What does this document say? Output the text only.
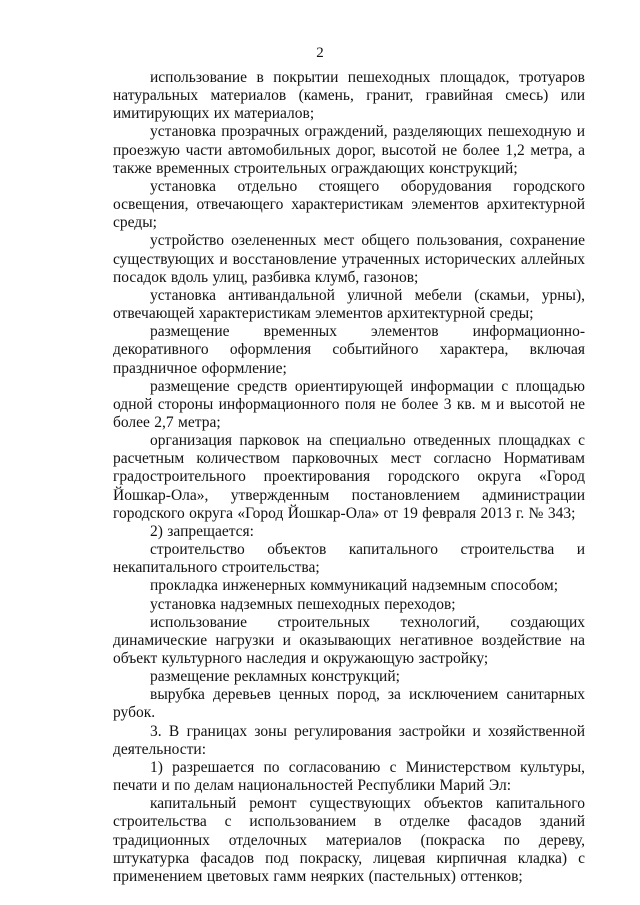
2

использование в покрытии пешеходных площадок, тротуаров натуральных материалов (камень, гранит, гравийная смесь) или имитирующих их материалов;

установка прозрачных ограждений, разделяющих пешеходную и проезжую части автомобильных дорог, высотой не более 1,2 метра, а также временных строительных ограждающих конструкций;

установка отдельно стоящего оборудования городского освещения, отвечающего характеристикам элементов архитектурной среды;

устройство озелененных мест общего пользования, сохранение существующих и восстановление утраченных исторических аллейных посадок вдоль улиц, разбивка клумб, газонов;

установка антивандальной уличной мебели (скамьи, урны), отвечающей характеристикам элементов архитектурной среды;

размещение временных элементов информационно-декоративного оформления событийного характера, включая праздничное оформление;

размещение средств ориентирующей информации с площадью одной стороны информационного поля не более 3 кв. м и высотой не более 2,7 метра;

организация парковок на специально отведенных площадках с расчетным количеством парковочных мест согласно Нормативам градостроительного проектирования городского округа «Город Йошкар-Ола», утвержденным постановлением администрации городского округа «Город Йошкар-Ола» от 19 февраля 2013 г. № 343;

2) запрещается:

строительство объектов капитального строительства и некапитального строительства;

прокладка инженерных коммуникаций надземным способом;

установка надземных пешеходных переходов;

использование строительных технологий, создающих динамические нагрузки и оказывающих негативное воздействие на объект культурного наследия и окружающую застройку;

размещение рекламных конструкций;

вырубка деревьев ценных пород, за исключением санитарных рубок.

3. В границах зоны регулирования застройки и хозяйственной деятельности:

1) разрешается по согласованию с Министерством культуры, печати и по делам национальностей Республики Марий Эл:

капитальный ремонт существующих объектов капитального строительства с использованием в отделке фасадов зданий традиционных отделочных материалов (покраска по дереву, штукатурка фасадов под покраску, лицевая кирпичная кладка) с применением цветовых гамм неярких (пастельных) оттенков;
